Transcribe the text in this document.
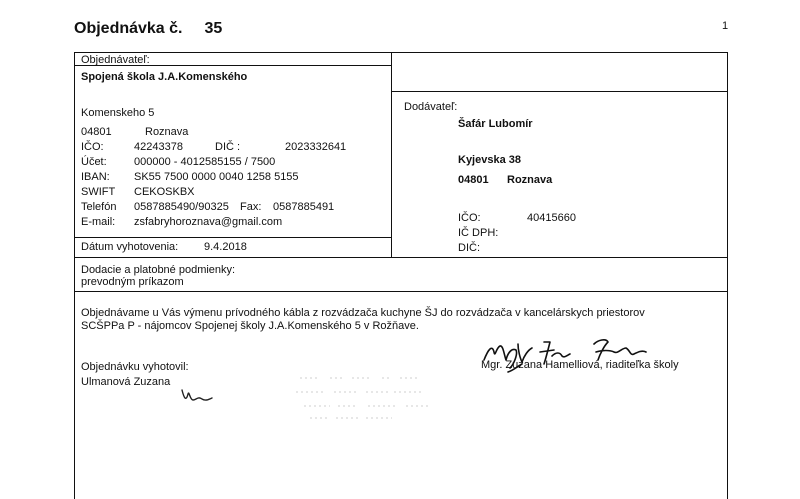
Objednávka č. 35	1
Objednávateľ:
Spojená škola J.A.Komenského
Komenskeho 5
04801	Roznava
IČO:	42243378	DIČ :	2023332641
Účet: 000000 - 4012585155 / 7500
IBAN: SK55 7500 0000 0040 1258 5155
SWIFT CEKOSKBX
Telefón 0587885490/90325 Fax: 0587885491
E-mail: zsfabryhoroznava@gmail.com
Dátum vyhotovenia: 9.4.2018
Dodávateľ:
Šafár Lubomír
Kyjevska 38
04801 Roznava
IČO:	40415660
IČ DPH:
DIČ:
Dodacie a platobné podmienky:
prevodným príkazom
Objednávame u Vás výmenu prívodného kábla z rozvádzača kuchyne ŠJ do rozvádzača v kancelárskych priestorov
SCŠPPa P - nájomcov Spojenej školy J.A.Komenského 5 v Rožňave.
Objednávku vyhotovil:
Ulmanová Zuzana
Mgr. Zuzana Hamelliová, riaditeľka školy
